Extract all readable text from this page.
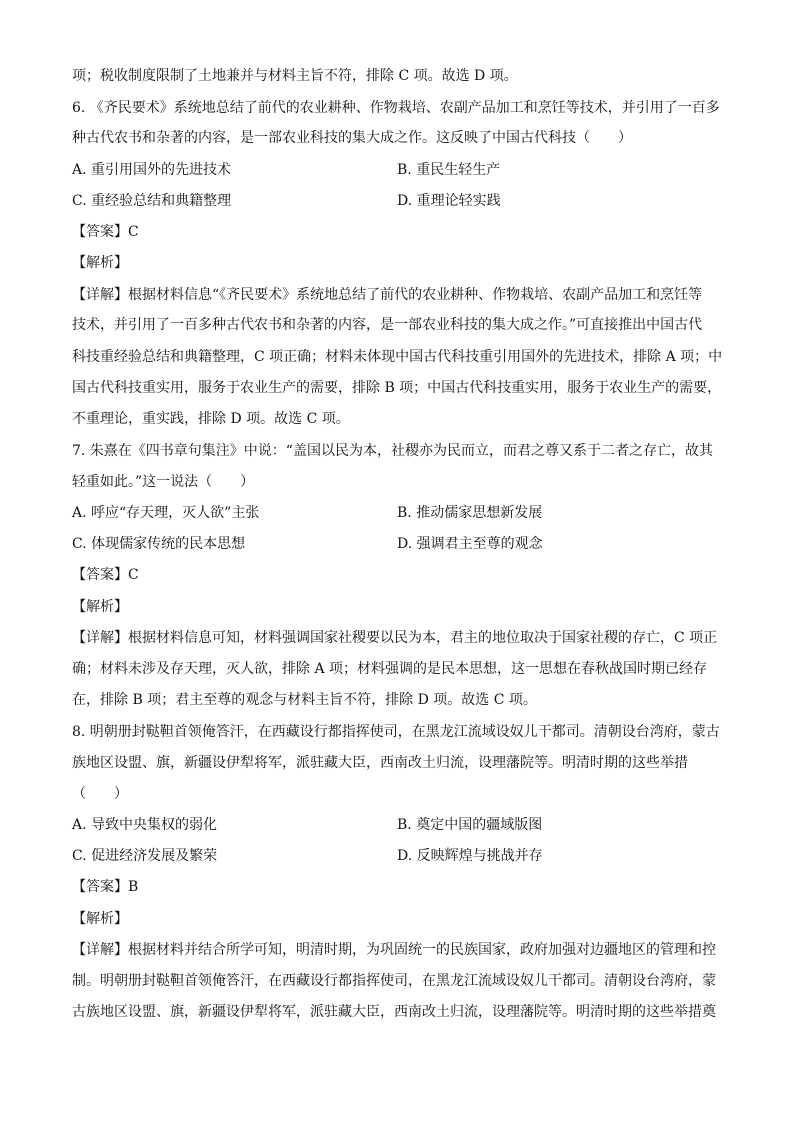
项；税收制度限制了土地兼并与材料主旨不符，排除 C 项。故选 D 项。
6. 《齐民要术》系统地总结了前代的农业耕种、作物栽培、农副产品加工和烹饪等技术，并引用了一百多
种古代农书和杂著的内容，是一部农业科技的集大成之作。这反映了中国古代科技（　　）
A. 重引用国外的先进技术	B. 重民生轻生产
C. 重经验总结和典籍整理	D. 重理论轻实践
【答案】C
【解析】
【详解】根据材料信息“《齐民要术》系统地总结了前代的农业耕种、作物栽培、农副产品加工和烹饪等
技术，并引用了一百多种古代农书和杂著的内容，是一部农业科技的集大成之作。”可直接推出中国古代
科技重经验总结和典籍整理，C 项正确；材料未体现中国古代科技重引用国外的先进技术，排除 A 项；中
国古代科技重实用，服务于农业生产的需要，排除 B 项；中国古代科技重实用，服务于农业生产的需要，
不重理论，重实践，排除 D 项。故选 C 项。
7. 朱熹在《四书章句集注》中说：“盖国以民为本，社稷亦为民而立，而君之尊又系于二者之存亡，故其
轻重如此。”这一说法（　　）
A. 呼应“存天理，灭人欲”主张	B. 推动儒家思想新发展
C. 体现儒家传统的民本思想	D. 强调君主至尊的观念
【答案】C
【解析】
【详解】根据材料信息可知，材料强调国家社稷要以民为本，君主的地位取决于国家社稷的存亡，C 项正
确；材料未涉及存天理，灭人欲，排除 A 项；材料强调的是民本思想，这一思想在春秋战国时期已经存
在，排除 B 项；君主至尊的观念与材料主旨不符，排除 D 项。故选 C 项。
8. 明朝册封鞑靼首领俺答汗，在西藏设行都指挥使司，在黑龙江流域设奴儿干都司。清朝设台湾府，蒙古
族地区设盟、旗，新疆设伊犁将军，派驻藏大臣，西南改土归流，设理藩院等。明清时期的这些举措
（　　）
A. 导致中央集权的弱化	B. 奠定中国的疆域版图
C. 促进经济发展及繁荣	D. 反映辉煌与挑战并存
【答案】B
【解析】
【详解】根据材料并结合所学可知，明清时期，为巩固统一的民族国家，政府加强对边疆地区的管理和控
制。明朝册封鞑靼首领俺答汗，在西藏设行都指挥使司，在黑龙江流域设奴儿干都司。清朝设台湾府，蒙
古族地区设盟、旗，新疆设伊犁将军，派驻藏大臣，西南改土归流，设理藩院等。明清时期的这些举措奠
